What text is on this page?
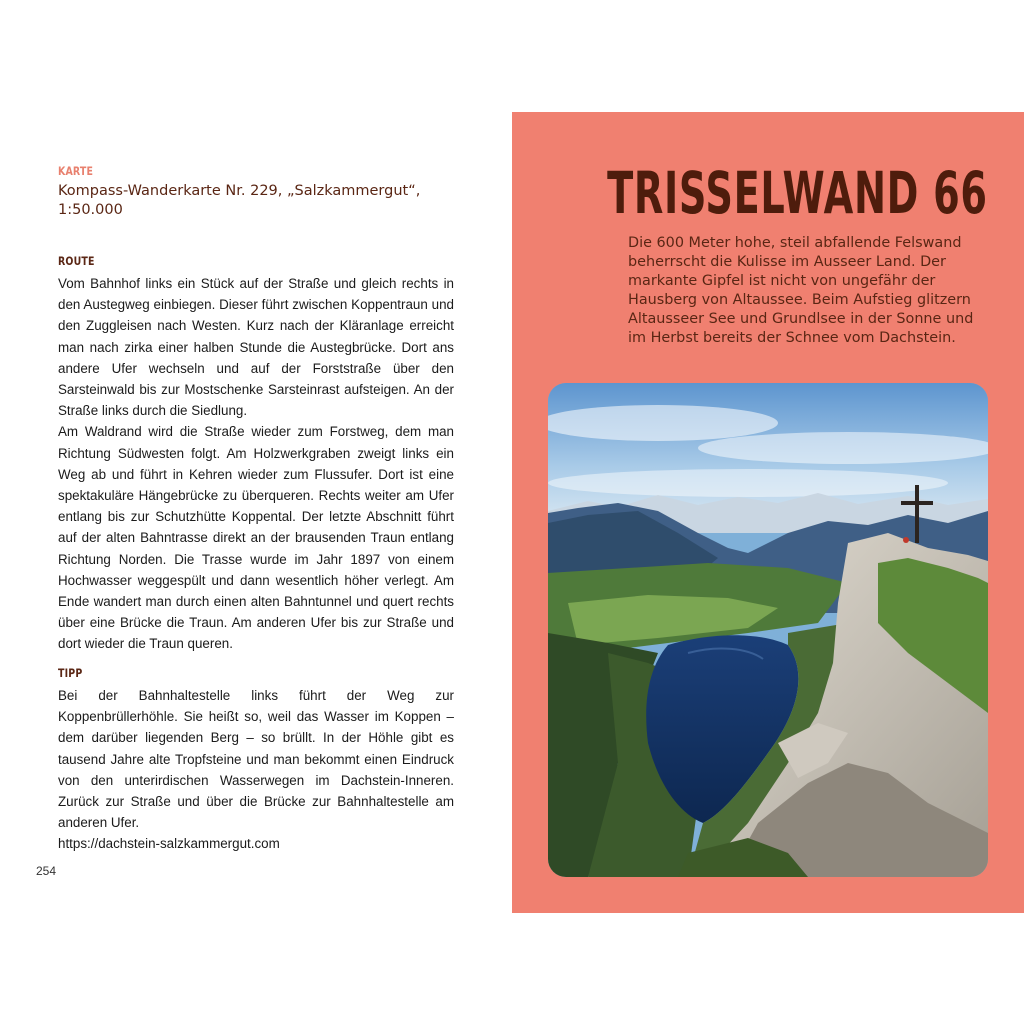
KARTE

Kompass-Wanderkarte Nr. 229, „Salzkammergut“,
1:50.000

ROUTE

Vom Bahnhof links ein Stück auf der Straße und gleich rechts in den Austegweg einbiegen. Dieser führt zwischen Koppentraun und den Zuggleisen nach Westen. Kurz nach der Kläranlage erreicht man nach zirka einer halben Stunde die Austegbrücke. Dort ans andere Ufer wechseln und auf der Forststraße über den Sarsteinwald bis zur Mostschenke Sarsteinrast aufsteigen. An der Straße links durch die Siedlung.

Am Waldrand wird die Straße wieder zum Forstweg, dem man Richtung Südwesten folgt. Am Holzwerkgraben zweigt links ein Weg ab und führt in Kehren wieder zum Flussufer. Dort ist eine spektakuläre Hängebrücke zu überqueren. Rechts weiter am Ufer entlang bis zur Schutzhütte Koppental. Der letzte Abschnitt führt auf der alten Bahntrasse direkt an der brausenden Traun entlang Richtung Norden. Die Trasse wurde im Jahr 1897 von einem Hochwasser weggespült und dann wesentlich höher verlegt. Am Ende wandert man durch einen alten Bahntunnel und quert rechts über eine Brücke die Traun. Am anderen Ufer bis zur Straße und dort wieder die Traun queren.

TIPP

Bei der Bahnhaltestelle links führt der Weg zur Koppenbrüllerhöhle. Sie heißt so, weil das Wasser im Koppen – dem darüber liegenden Berg – so brüllt. In der Höhle gibt es tausend Jahre alte Tropfsteine und man bekommt einen Eindruck von den unterirdischen Wasserwegen im Dachstein-Inneren. Zurück zur Straße und über die Brücke zur Bahnhaltestelle am anderen Ufer.

https://dachstein-salzkammergut.com

254

TRISSELWAND 66

Die 600 Meter hohe, steil abfallende Felswand beherrscht die Kulisse im Ausseer Land. Der markante Gipfel ist nicht von ungefähr der Hausberg von Altaussee. Beim Aufstieg glitzern Altausseer See und Grundlsee in der Sonne und im Herbst bereits der Schnee vom Dachstein.
